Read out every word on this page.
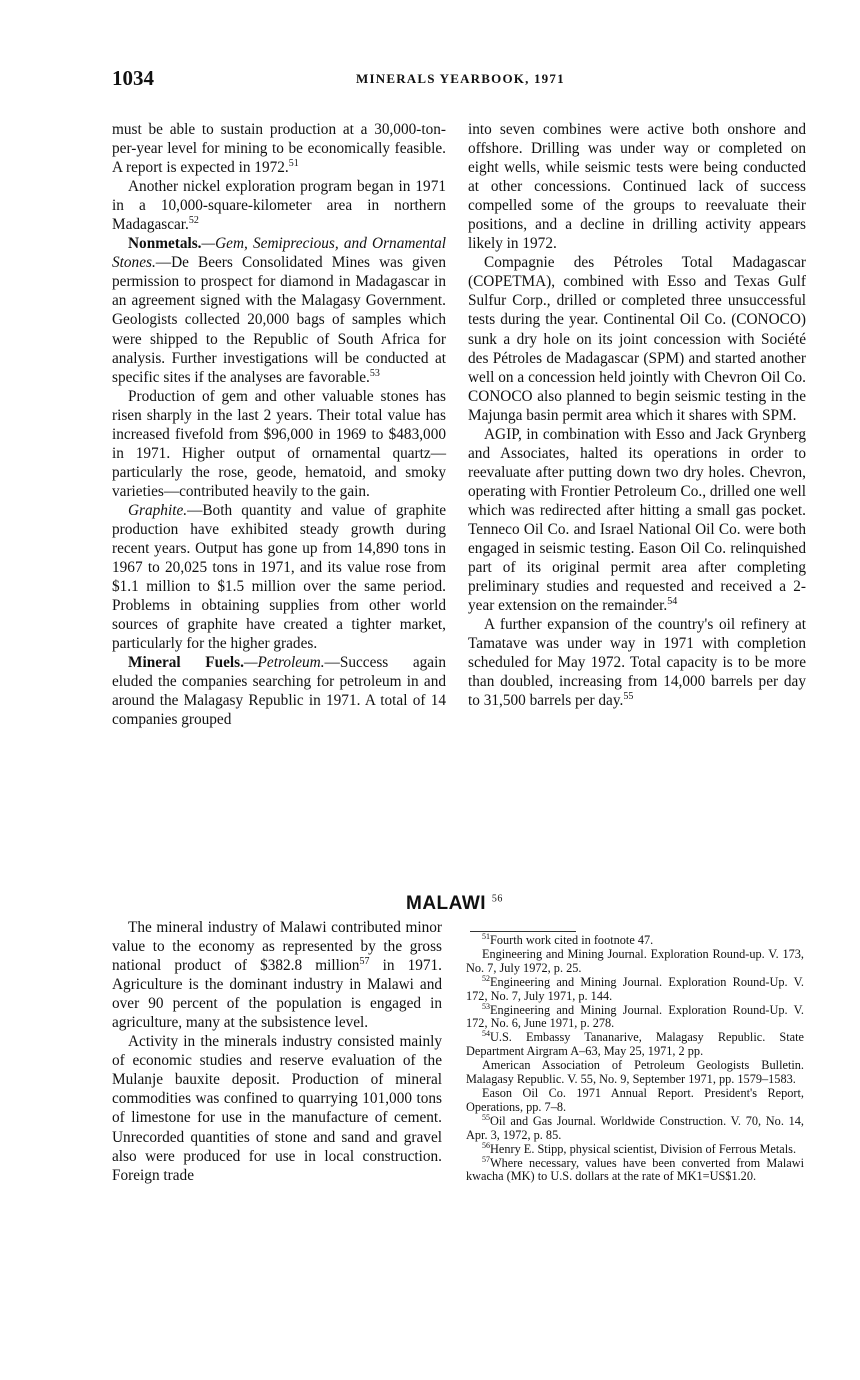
1034	MINERALS YEARBOOK, 1971

must be able to sustain production at a 30,000-ton-per-year level for mining to be economically feasible. A report is expected in 1972.51

Another nickel exploration program began in 1971 in a 10,000-square-kilometer area in northern Madagascar.$^{52}$

Nonmetals.—Gem, Semiprecious, and Ornamental Stones.—De Beers Consolidated Mines was given permission to prospect for diamond in Madagascar in an agreement signed with the Malagasy Government. Geologists collected 20,000 bags of samples which were shipped to the Republic of South Africa for analysis. Further investigations will be conducted at specific sites if the analyses are favorable.$^{53}$

Production of gem and other valuable stones has risen sharply in the last 2 years. Their total value has increased fivefold from $96,000 in 1969 to $483,000 in 1971. Higher output of ornamental quartz—particularly the rose, geode, hematoid, and smoky varieties—contributed heavily to the gain.

Graphite.—Both quantity and value of graphite production have exhibited steady growth during recent years. Output has gone up from 14,890 tons in 1967 to 20,025 tons in 1971, and its value rose from $1.1 million to $1.5 million over the same period. Problems in obtaining supplies from other world sources of graphite have created a tighter market, particularly for the higher grades.

Mineral Fuels.—Petroleum.—Success again eluded the companies searching for petroleum in and around the Malagasy Republic in 1971. A total of 14 companies grouped

into seven combines were active both onshore and offshore. Drilling was under way or completed on eight wells, while seismic tests were being conducted at other concessions. Continued lack of success compelled some of the groups to reevaluate their positions, and a decline in drilling activity appears likely in 1972.

Compagnie des Pétroles Total Madagascar (COPETMA), combined with Esso and Texas Gulf Sulfur Corp., drilled or completed three unsuccessful tests during the year. Continental Oil Co. (CONOCO) sunk a dry hole on its joint concession with Société des Pétroles de Madagascar (SPM) and started another well on a concession held jointly with Chevron Oil Co. CONOCO also planned to begin seismic testing in the Majunga basin permit area which it shares with SPM.

AGIP, in combination with Esso and Jack Grynberg and Associates, halted its operations in order to reevaluate after putting down two dry holes. Chevron, operating with Frontier Petroleum Co., drilled one well which was redirected after hitting a small gas pocket. Tenneco Oil Co. and Israel National Oil Co. were both engaged in seismic testing. Eason Oil Co. relinquished part of its original permit area after completing preliminary studies and requested and received a 2-year extension on the remainder.$^{54}$

A further expansion of the country's oil refinery at Tamatave was under way in 1971 with completion scheduled for May 1972. Total capacity is to be more than doubled, increasing from 14,000 barrels per day to 31,500 barrels per day.$^{55}$

MALAWI $^{56}$

The mineral industry of Malawi contributed minor value to the economy as represented by the gross national product of $382.8 million$^{57}$ in 1971. Agriculture is the dominant industry in Malawi and over 90 percent of the population is engaged in agriculture, many at the subsistence level.

Activity in the minerals industry consisted mainly of economic studies and reserve evaluation of the Mulanje bauxite deposit. Production of mineral commodities was confined to quarrying 101,000 tons of limestone for use in the manufacture of cement. Unrecorded quantities of stone and sand and gravel also were produced for use in local construction. Foreign trade

$^{51}$Fourth work cited in footnote 47.

Engineering and Mining Journal. Exploration Round-up. V. 173, No. 7, July 1972, p. 25.

$^{52}$Engineering and Mining Journal. Exploration Round-Up. V. 172, No. 7, July 1971, p. 144.

$^{53}$Engineering and Mining Journal. Exploration Round-Up. V. 172, No. 6, June 1971, p. 278.

$^{54}$U.S. Embassy Tananarive, Malagasy Republic. State Department Airgram A–63, May 25, 1971, 2 pp.

American Association of Petroleum Geologists Bulletin. Malagasy Republic. V. 55, No. 9, September 1971, pp. 1579–1583.

Eason Oil Co. 1971 Annual Report. President's Report, Operations, pp. 7–8.

$^{55}$Oil and Gas Journal. Worldwide Construction. V. 70, No. 14, Apr. 3, 1972, p. 85.

$^{56}$Henry E. Stipp, physical scientist, Division of Ferrous Metals.

$^{57}$Where necessary, values have been converted from Malawi kwacha (MK) to U.S. dollars at the rate of MK1=US$1.20.
